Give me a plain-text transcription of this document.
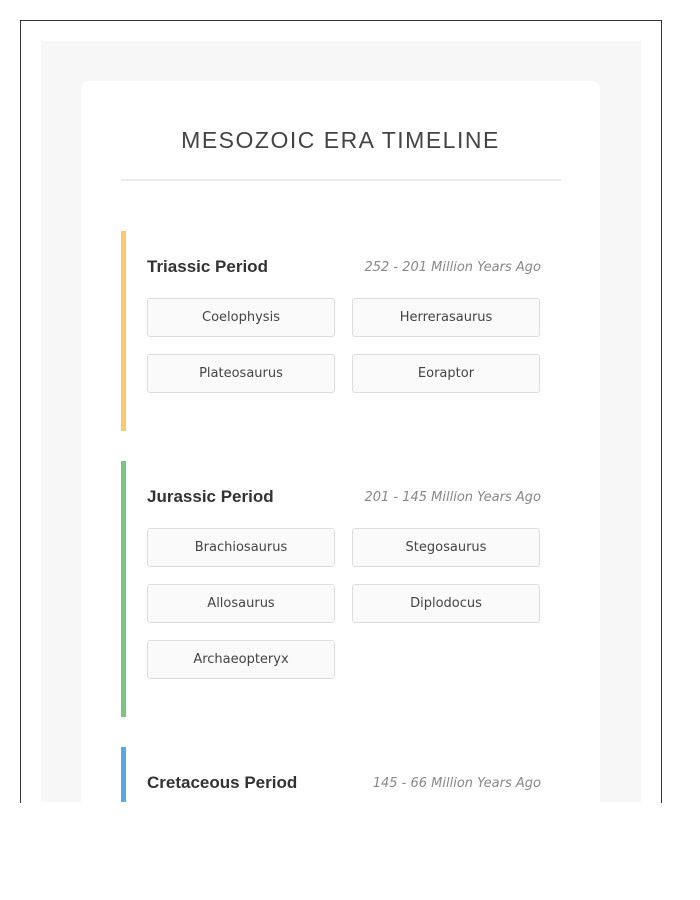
MESOZOIC ERA TIMELINE
Triassic Period	252 - 201 Million Years Ago
Coelophysis	Herrerasaurus
Plateosaurus	Eoraptor
Jurassic Period	201 - 145 Million Years Ago
Brachiosaurus	Stegosaurus
Allosaurus	Diplodocus
Archaeopteryx
Cretaceous Period	145 - 66 Million Years Ago
